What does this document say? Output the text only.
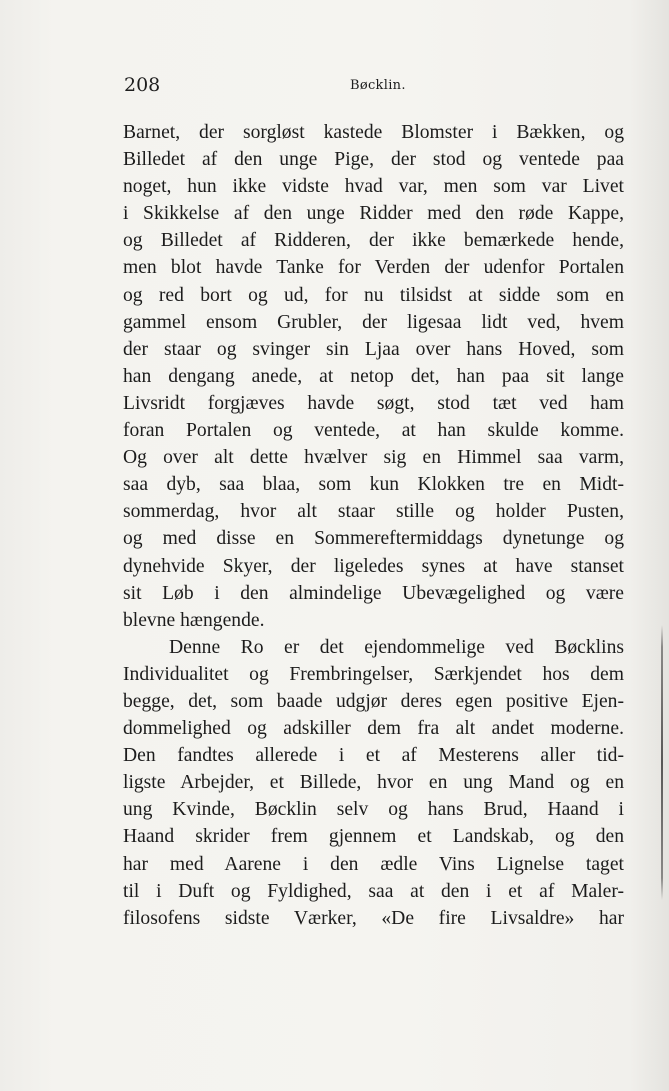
208	Bøcklin.
Barnet, der sorgløst kastede Blomster i Bækken, og
Billedet af den unge Pige, der stod og ventede paa
noget, hun ikke vidste hvad var, men som var Livet
i Skikkelse af den unge Ridder med den røde Kappe,
og Billedet af Ridderen, der ikke bemærkede hende,
men blot havde Tanke for Verden der udenfor Portalen
og red bort og ud, for nu tilsidst at sidde som en
gammel ensom Grubler, der ligesaa lidt ved, hvem
der staar og svinger sin Ljaa over hans Hoved, som
han dengang anede, at netop det, han paa sit lange
Livsridt forgjæves havde søgt, stod tæt ved ham
foran Portalen og ventede, at han skulde komme.
Og over alt dette hvælver sig en Himmel saa varm,
saa dyb, saa blaa, som kun Klokken tre en Midt-
sommerdag, hvor alt staar stille og holder Pusten,
og med disse en Sommereftermiddags dynetunge og
dynehvide Skyer, der ligeledes synes at have stanset
sit Løb i den almindelige Ubevægelighed og være
blevne hængende.
Denne Ro er det ejendommelige ved Bøcklins
Individualitet og Frembringelser, Særkjendet hos dem
begge, det, som baade udgjør deres egen positive Ejen-
dommelighed og adskiller dem fra alt andet moderne.
Den fandtes allerede i et af Mesterens aller tid-
ligste Arbejder, et Billede, hvor en ung Mand og en
ung Kvinde, Bøcklin selv og hans Brud, Haand i
Haand skrider frem gjennem et Landskab, og den
har med Aarene i den ædle Vins Lignelse taget
til i Duft og Fyldighed, saa at den i et af Maler-
filosofens sidste Værker, «De fire Livsaldre» har
